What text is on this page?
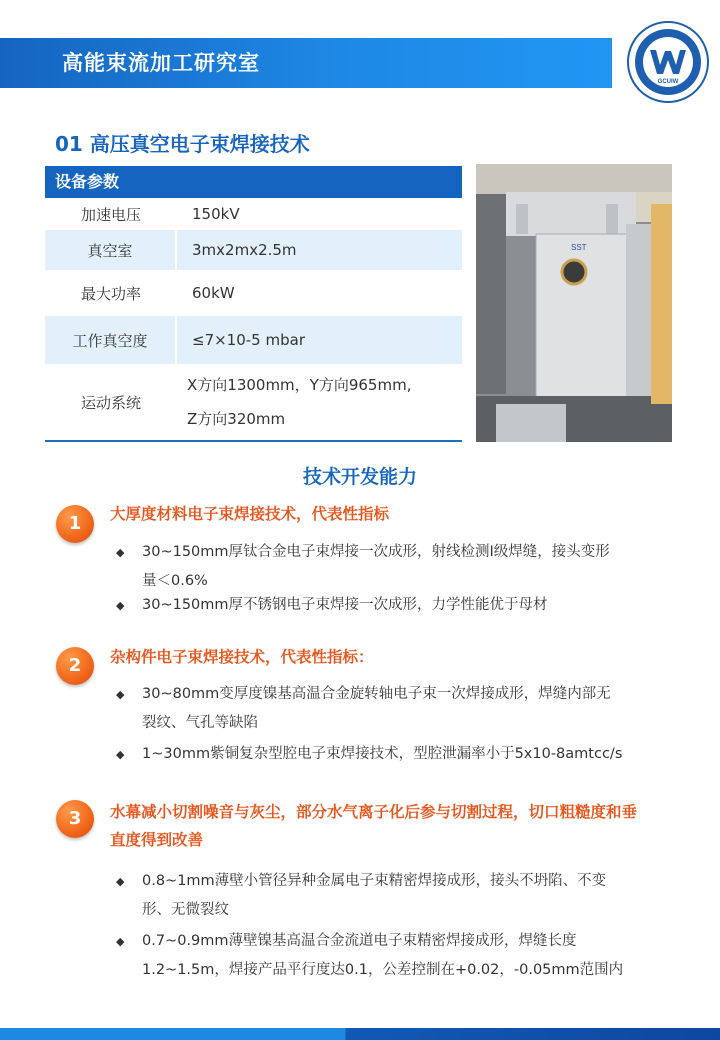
高能束流加工研究室
GCUIW
01 高压真空电子束焊接技术
设备参数
加速电压	150kV
真空室	3mx2mx2.5m
最大功率	60kW
工作真空度	≤7×10-5 mbar
运动系统
X方向1300mm，Y方向965mm,
Z方向320mm
SST
技术开发能力
1	大厚度材料电子束焊接技术，代表性指标
◆	30~150mm厚钛合金电子束焊接一次成形，射线检测I级焊缝，接头变形
量＜0.6%
◆	30~150mm厚不锈钢电子束焊接一次成形，力学性能优于母材
2	杂构件电子束焊接技术，代表性指标：
◆	30~80mm变厚度镍基高温合金旋转轴电子束一次焊接成形，焊缝内部无
裂纹、气孔等缺陷
◆	1~30mm紫铜复杂型腔电子束焊接技术，型腔泄漏率小于5x10-8amtcc/s
3	水幕减小切割噪音与灰尘，部分水气离子化后参与切割过程，切口粗糙度和垂
直度得到改善
◆	0.8~1mm薄壁小管径异种金属电子束精密焊接成形，接头不坍陷、不变
形、无微裂纹
◆	0.7~0.9mm薄壁镍基高温合金流道电子束精密焊接成形，焊缝长度
1.2~1.5m，焊接产品平行度达0.1，公差控制在+0.02，-0.05mm范围内
